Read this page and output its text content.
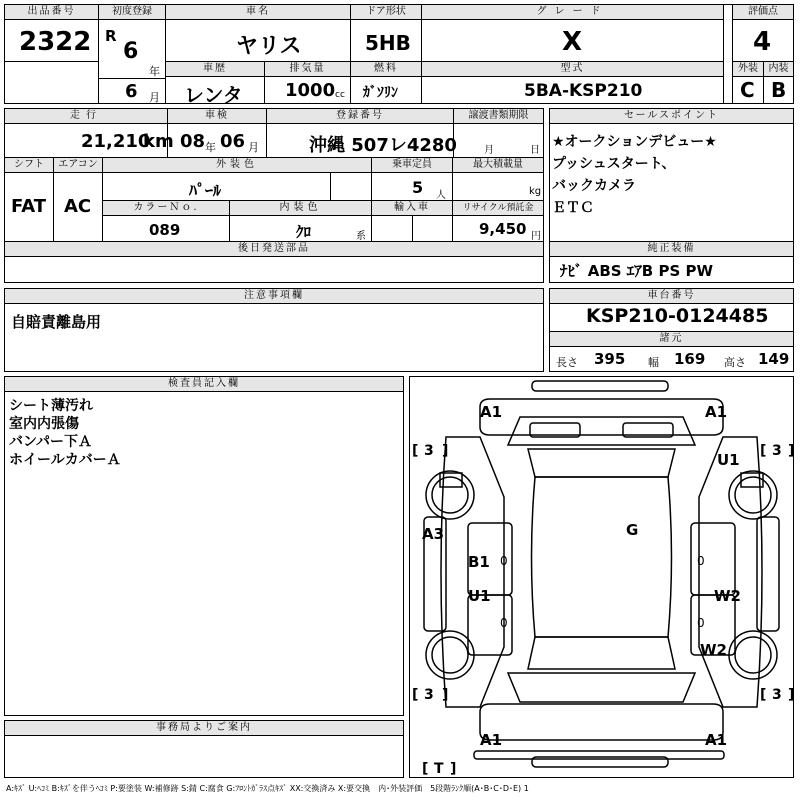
出品番号
2322
初度登録
R
6
年
6 月
車名
ヤリス
ドア形状
5HB
グレード
X
評価点
4
車歴
レンタ
排気量
1000 cc
燃料
ｶﾞｿﾘﾝ
型式
5BA-KSP210
外装
C
内装
B
走行
21,210
km
車検
08 年 06 月
登録番号
沖縄 507レ4280
譲渡書類期限
月	日
セールスポイント
★オークションデビュー★
プッシュスタート、
バックカメラ
ＥＴＣ
シフト
FAT
エアコン
AC
外装色
ﾊﾟｰﾙ
乗車定員
5 人
最大積載量
kg
カラーＮｏ.
089
内装色
ｸﾛ	系
輸入車	リサイクル預託金
9,450 円
後日発送部品	純正装備
ﾅﾋﾞ ABS ｴｱB PS PW
注意事項欄
自賠責離島用
車台番号
KSP210-0124485
諸元
長さ 395 幅 169 高さ 149
検査員記入欄
シート薄汚れ
室内内張傷
バンパー下Ａ
ホイールカバーＡ
事務局よりご案内
A1	A1
U1
A3	G
B1
U1	W2
W2
A1	A1
[ 3 ]	[ 3 ]
[ 3 ]	[ 3 ]
[ T ]
0	0
0	0
A:ｷｽﾞ U:ﾍｺﾐ B:ｷｽﾞを伴うﾍｺﾐ P:要塗装 W:補修跡 S:錆 C:腐食 G:ﾌﾛﾝﾄｶﾞﾗｽ点ｷｽﾞ XX:交換済み X:要交換　内･外装評価　5段階ﾗﾝｸ順(A･B･C･D･E) 1
